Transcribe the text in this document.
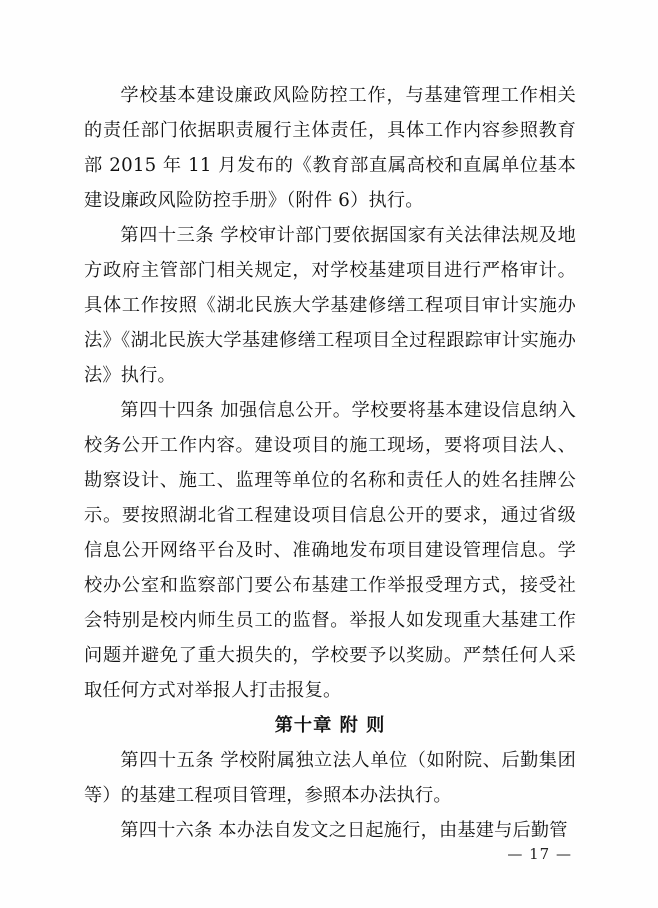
学校基本建设廉政风险防控工作，与基建管理工作相关的责任部门依据职责履行主体责任，具体工作内容参照教育部 2015 年 11 月发布的《教育部直属高校和直属单位基本建设廉政风险防控手册》（附件 6）执行。

第四十三条 学校审计部门要依据国家有关法律法规及地方政府主管部门相关规定，对学校基建项目进行严格审计。具体工作按照《湖北民族大学基建修缮工程项目审计实施办法》《湖北民族大学基建修缮工程项目全过程跟踪审计实施办法》执行。

第四十四条 加强信息公开。学校要将基本建设信息纳入校务公开工作内容。建设项目的施工现场，要将项目法人、勘察设计、施工、监理等单位的名称和责任人的姓名挂牌公示。要按照湖北省工程建设项目信息公开的要求，通过省级信息公开网络平台及时、准确地发布项目建设管理信息。学校办公室和监察部门要公布基建工作举报受理方式，接受社会特别是校内师生员工的监督。举报人如发现重大基建工作问题并避免了重大损失的，学校要予以奖励。严禁任何人采取任何方式对举报人打击报复。

第十章 附 则

第四十五条 学校附属独立法人单位（如附院、后勤集团等）的基建工程项目管理，参照本办法执行。

第四十六条 本办法自发文之日起施行，由基建与后勤管

— 17 —
